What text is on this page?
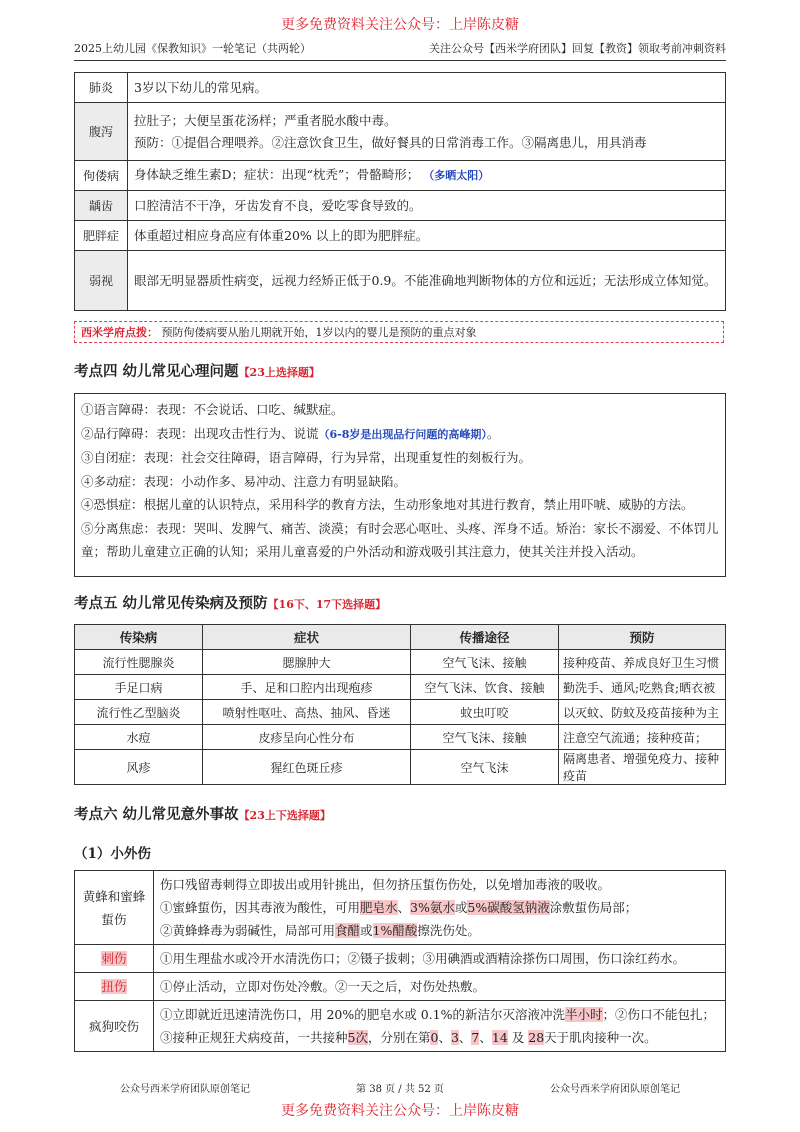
更多免费资料关注公众号：上岸陈皮糖
2025上幼儿园《保教知识》一轮笔记（共两轮）	关注公众号【西米学府团队】回复【教资】领取考前冲刺资料
肺炎	3岁以下幼儿的常见病。
腹泻	拉肚子；大便呈蛋花汤样；严重者脱水酸中毒。
预防：①提倡合理喂养。②注意饮食卫生，做好餐具的日常消毒工作。③隔离患儿，用具消毒

佝偻病	身体缺乏维生素D；症状：出现“枕秃”；骨骼畸形； （多晒太阳）
龋齿	口腔清洁不干净，牙齿发育不良，爱吃零食导致的。
肥胖症	体重超过相应身高应有体重20% 以上的即为肥胖症。
弱视	眼部无明显器质性病变，远视力经矫正低于0.9。不能准确地判断物体的方位和远近；无法形成立体知觉。
西米学府点拨： 预防佝偻病要从胎儿期就开始，1岁以内的婴儿是预防的重点对象
考点四 幼儿常见心理问题【23上选择题】
①语言障碍：表现：不会说话、口吃、缄默症。
②品行障碍：表现：出现攻击性行为、说谎（6-8岁是出现品行问题的高峰期）。
③自闭症：表现：社会交往障碍，语言障碍，行为异常，出现重复性的刻板行为。
④多动症：表现：小动作多、易冲动、注意力有明显缺陷。
④恐惧症：根据儿童的认识特点，采用科学的教育方法，生动形象地对其进行教育，禁止用吓唬、威胁的方法。
⑤分离焦虑：表现：哭叫、发脾气、痛苦、淡漠；有时会恶心呕吐、头疼、浑身不适。矫治：家长不溺爱、不体罚儿童；帮助儿童建立正确的认知；采用儿童喜爱的户外活动和游戏吸引其注意力，使其关注并投入活动。
考点五 幼儿常见传染病及预防【16下、17下选择题】
传染病	症状	传播途径	预防
流行性腮腺炎	腮腺肿大	空气飞沫、接触	接种疫苗、养成良好卫生习惯
手足口病	手、足和口腔内出现疱疹	空气飞沫、饮食、接触	勤洗手、通风;吃熟食;晒衣被
流行性乙型脑炎	喷射性呕吐、高热、抽风、昏迷	蚊虫叮咬	以灭蚊、防蚊及疫苗接种为主
水痘	皮疹呈向心性分布	空气飞沫、接触	注意空气流通；接种疫苗；
风疹	猩红色斑丘疹	空气飞沫	隔离患者、增强免疫力、接种疫苗
考点六 幼儿常见意外事故【23上下选择题】
（1）小外伤
黄蜂和蜜蜂蜇伤	伤口残留毒刺得立即拔出或用针挑出，但勿挤压蜇伤伤处，以免增加毒液的吸收。
①蜜蜂蜇伤，因其毒液为酸性，可用肥皂水、3%氨水或5%碳酸氢钠液涂敷蜇伤局部；
②黄蜂蜂毒为弱碱性，局部可用食醋或1%醋酸擦洗伤处。

刺伤	①用生理盐水或冷开水清洗伤口；②镊子拔刺；③用碘酒或酒精涂搽伤口周围，伤口涂红药水。
扭伤	①停止活动，立即对伤处冷敷。②一天之后，对伤处热敷。
疯狗咬伤	①立即就近迅速清洗伤口，用 20%的肥皂水或 0.1%的新洁尔灭溶液冲洗半小时；②伤口不能包扎；③接种正规狂犬病疫苗，一共接种5次，分别在第0、3、7、14 及 28天于肌肉接种一次。
公众号西米学府团队原创笔记	第 38 页 / 共 52 页	公众号西米学府团队原创笔记
更多免费资料关注公众号：上岸陈皮糖
